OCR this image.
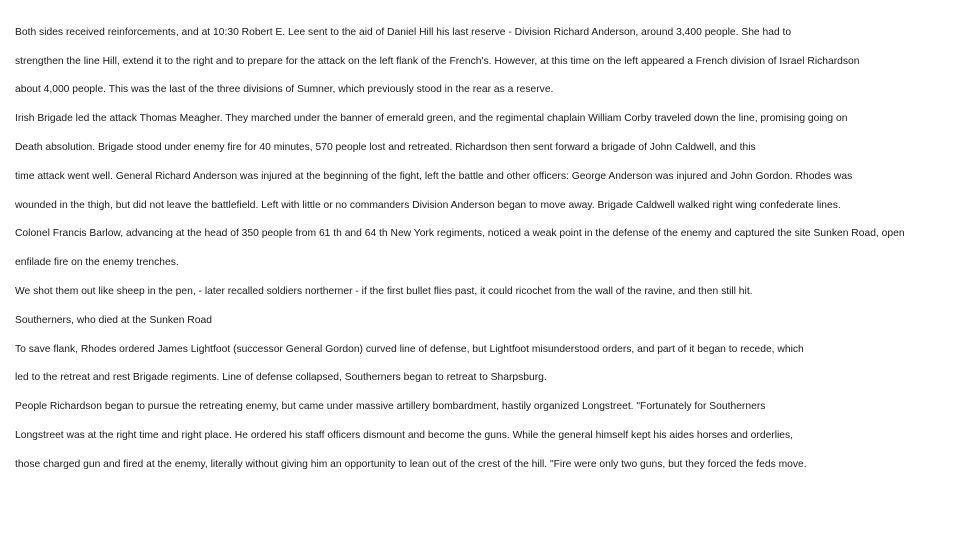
Both sides received reinforcements, and at 10:30 Robert E. Lee sent to the aid of Daniel Hill his last reserve - Division Richard Anderson, around 3,400 people. She had to
strengthen the line Hill, extend it to the right and to prepare for the attack on the left flank of the French's. However, at this time on the left appeared a French division of Israel Richardson
about 4,000 people. This was the last of the three divisions of Sumner, which previously stood in the rear as a reserve.
Irish Brigade led the attack Thomas Meagher. They marched under the banner of emerald green, and the regimental chaplain William Corby traveled down the line, promising going on
Death absolution. Brigade stood under enemy fire for 40 minutes, 570 people lost and retreated. Richardson then sent forward a brigade of John Caldwell, and this
time attack went well. General Richard Anderson was injured at the beginning of the fight, left the battle and other officers: George Anderson was injured and John Gordon. Rhodes was
wounded in the thigh, but did not leave the battlefield. Left with little or no commanders Division Anderson began to move away. Brigade Caldwell walked right wing confederate lines.
Colonel Francis Barlow, advancing at the head of 350 people from 61 th and 64 th New York regiments, noticed a weak point in the defense of the enemy and captured the site Sunken Road, open
enfilade fire on the enemy trenches.
We shot them out like sheep in the pen, - later recalled soldiers northerner - if the first bullet flies past, it could ricochet from the wall of the ravine, and then still hit.
Southerners, who died at the Sunken Road
To save flank, Rhodes ordered James Lightfoot (successor General Gordon) curved line of defense, but Lightfoot misunderstood orders, and part of it began to recede, which
led to the retreat and rest Brigade regiments. Line of defense collapsed, Southerners began to retreat to Sharpsburg.
People Richardson began to pursue the retreating enemy, but came under massive artillery bombardment, hastily organized Longstreet. "Fortunately for Southerners
Longstreet was at the right time and right place. He ordered his staff officers dismount and become the guns. While the general himself kept his aides horses and orderlies,
those charged gun and fired at the enemy, literally without giving him an opportunity to lean out of the crest of the hill. "Fire were only two guns, but they forced the feds move.
